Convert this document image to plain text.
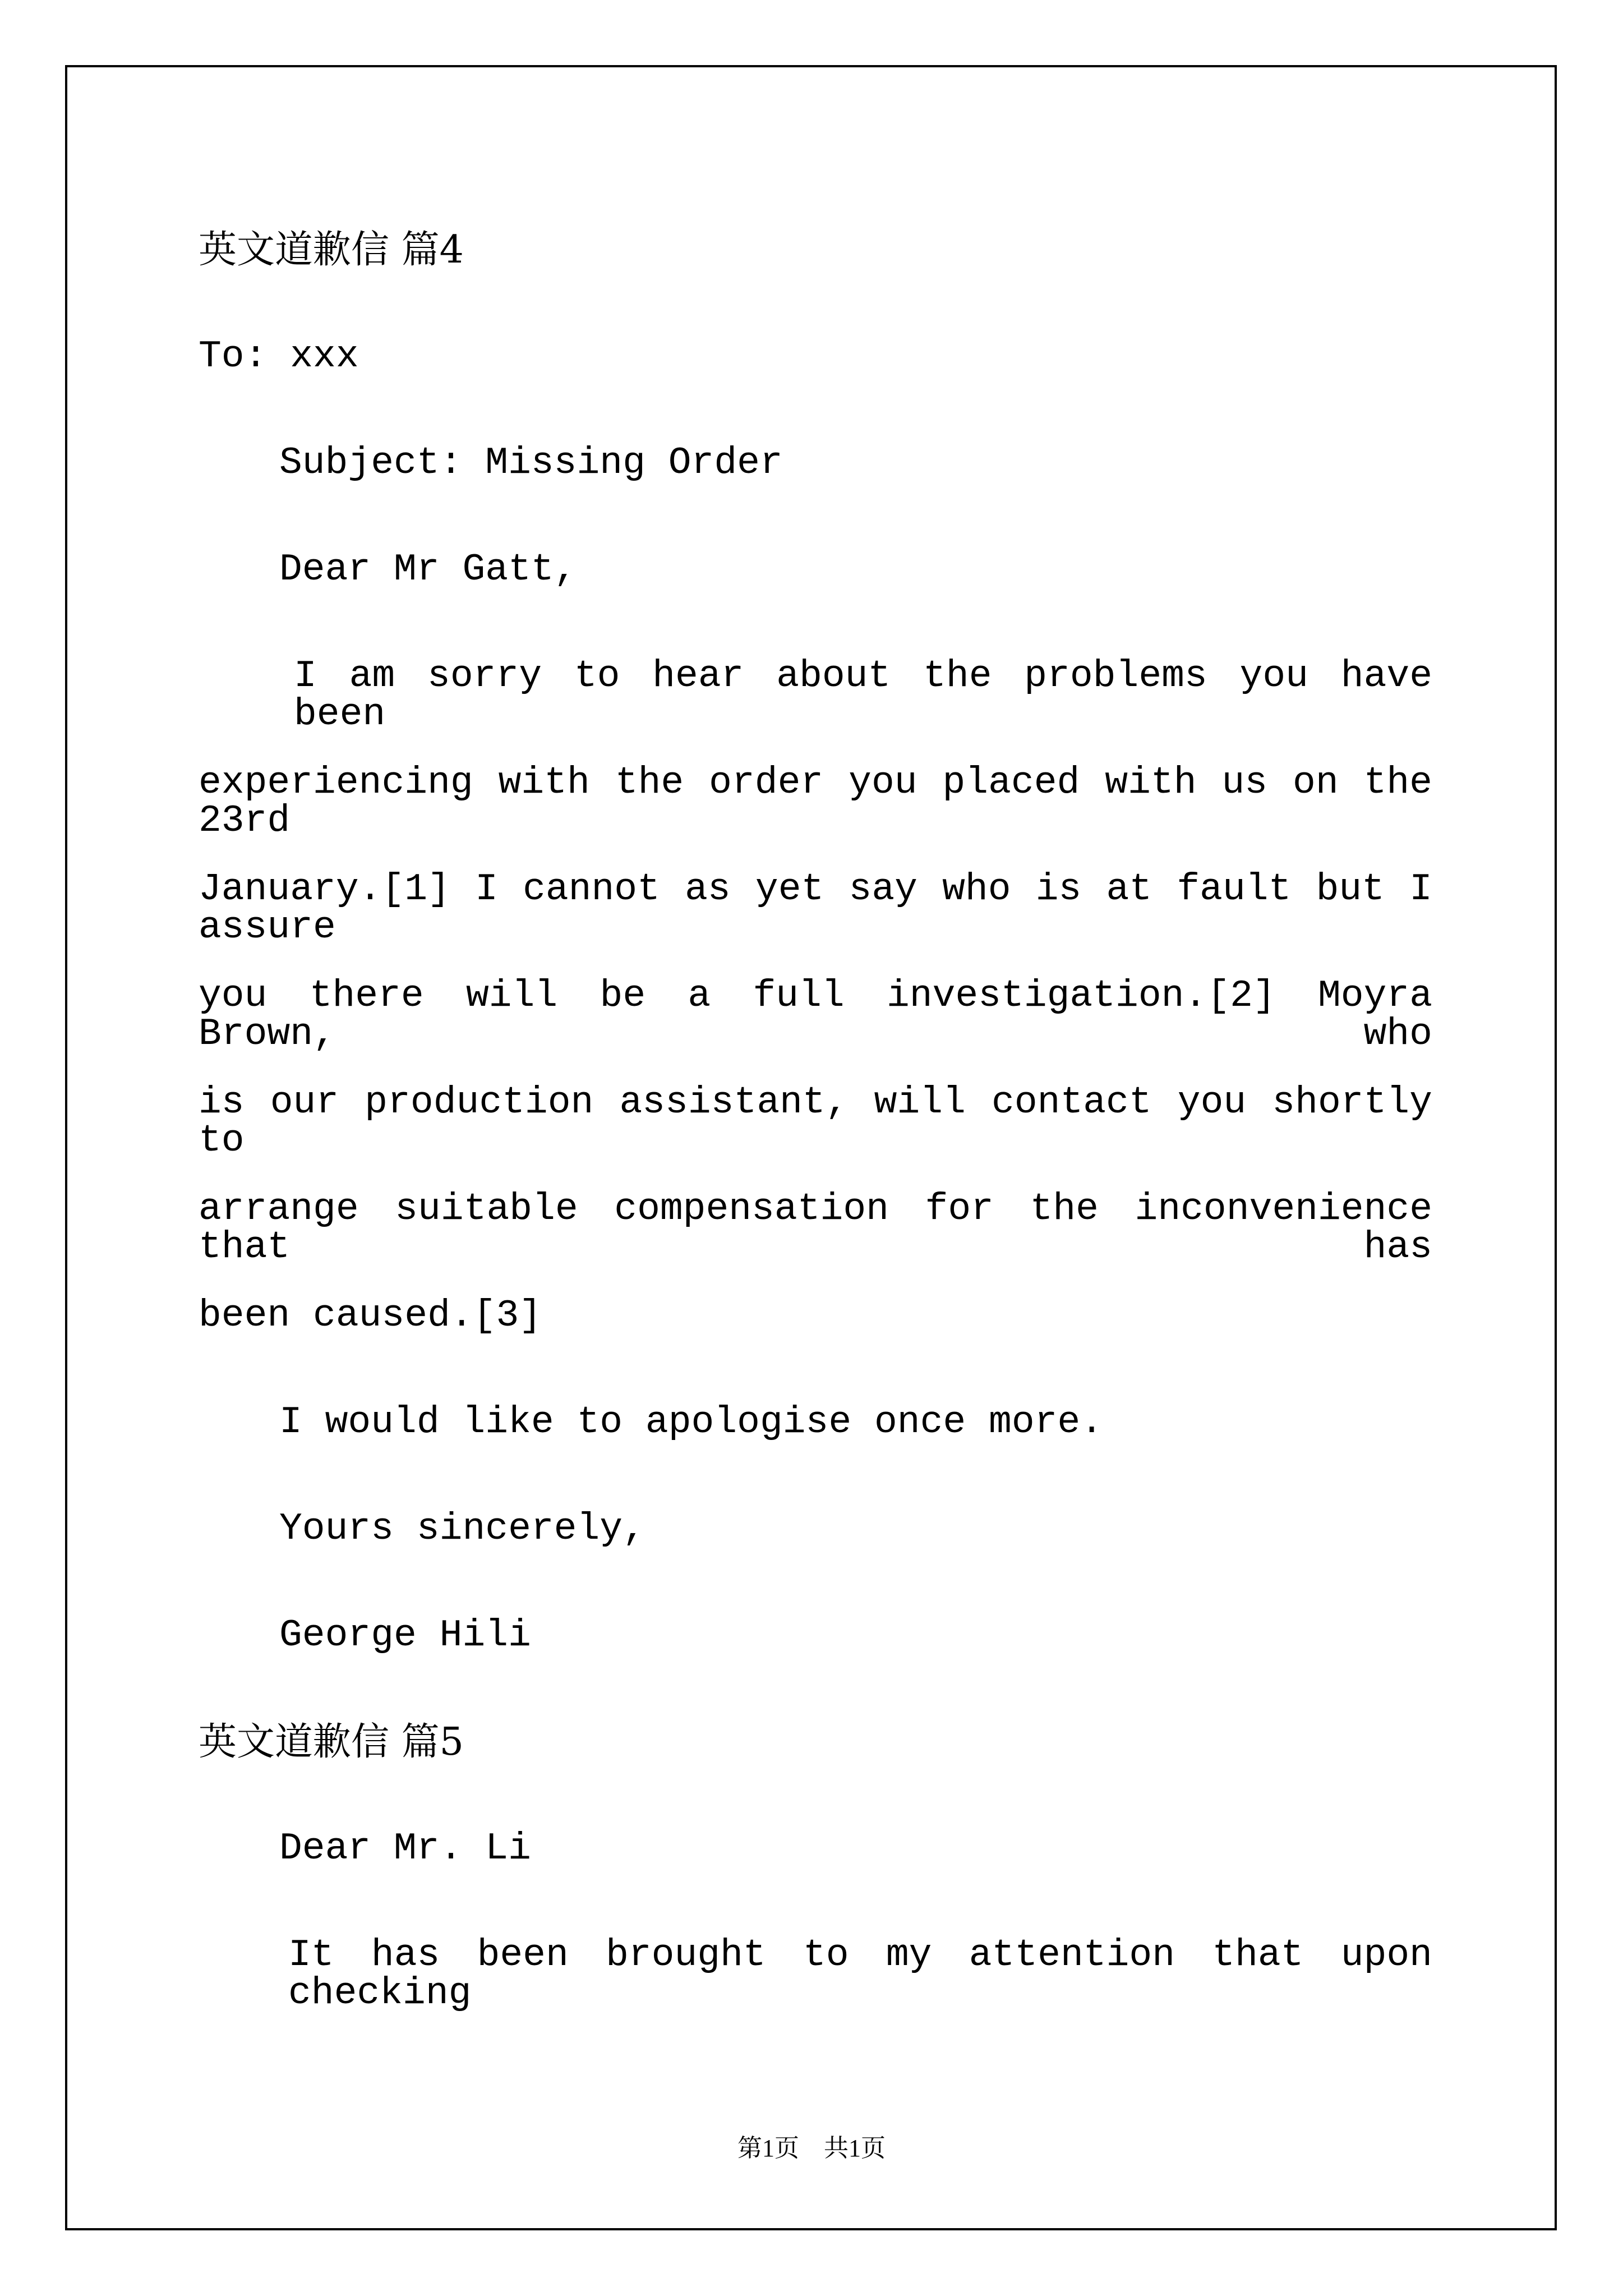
英文道歉信 篇4
To: xxx
Subject: Missing Order
Dear Mr Gatt,
I am sorry to hear about the problems you have been
experiencing with the order you placed with us on the 23rd
January.[1] I cannot as yet say who is at fault but I assure
you there will be a full investigation.[2] Moyra Brown, who
is our production assistant, will contact you shortly to
arrange suitable compensation for the inconvenience that has
been caused.[3]
I would like to apologise once more.
Yours sincerely,
George Hili
英文道歉信 篇5
Dear Mr. Li
It has been brought to my attention that upon checking
第1页　共1页
